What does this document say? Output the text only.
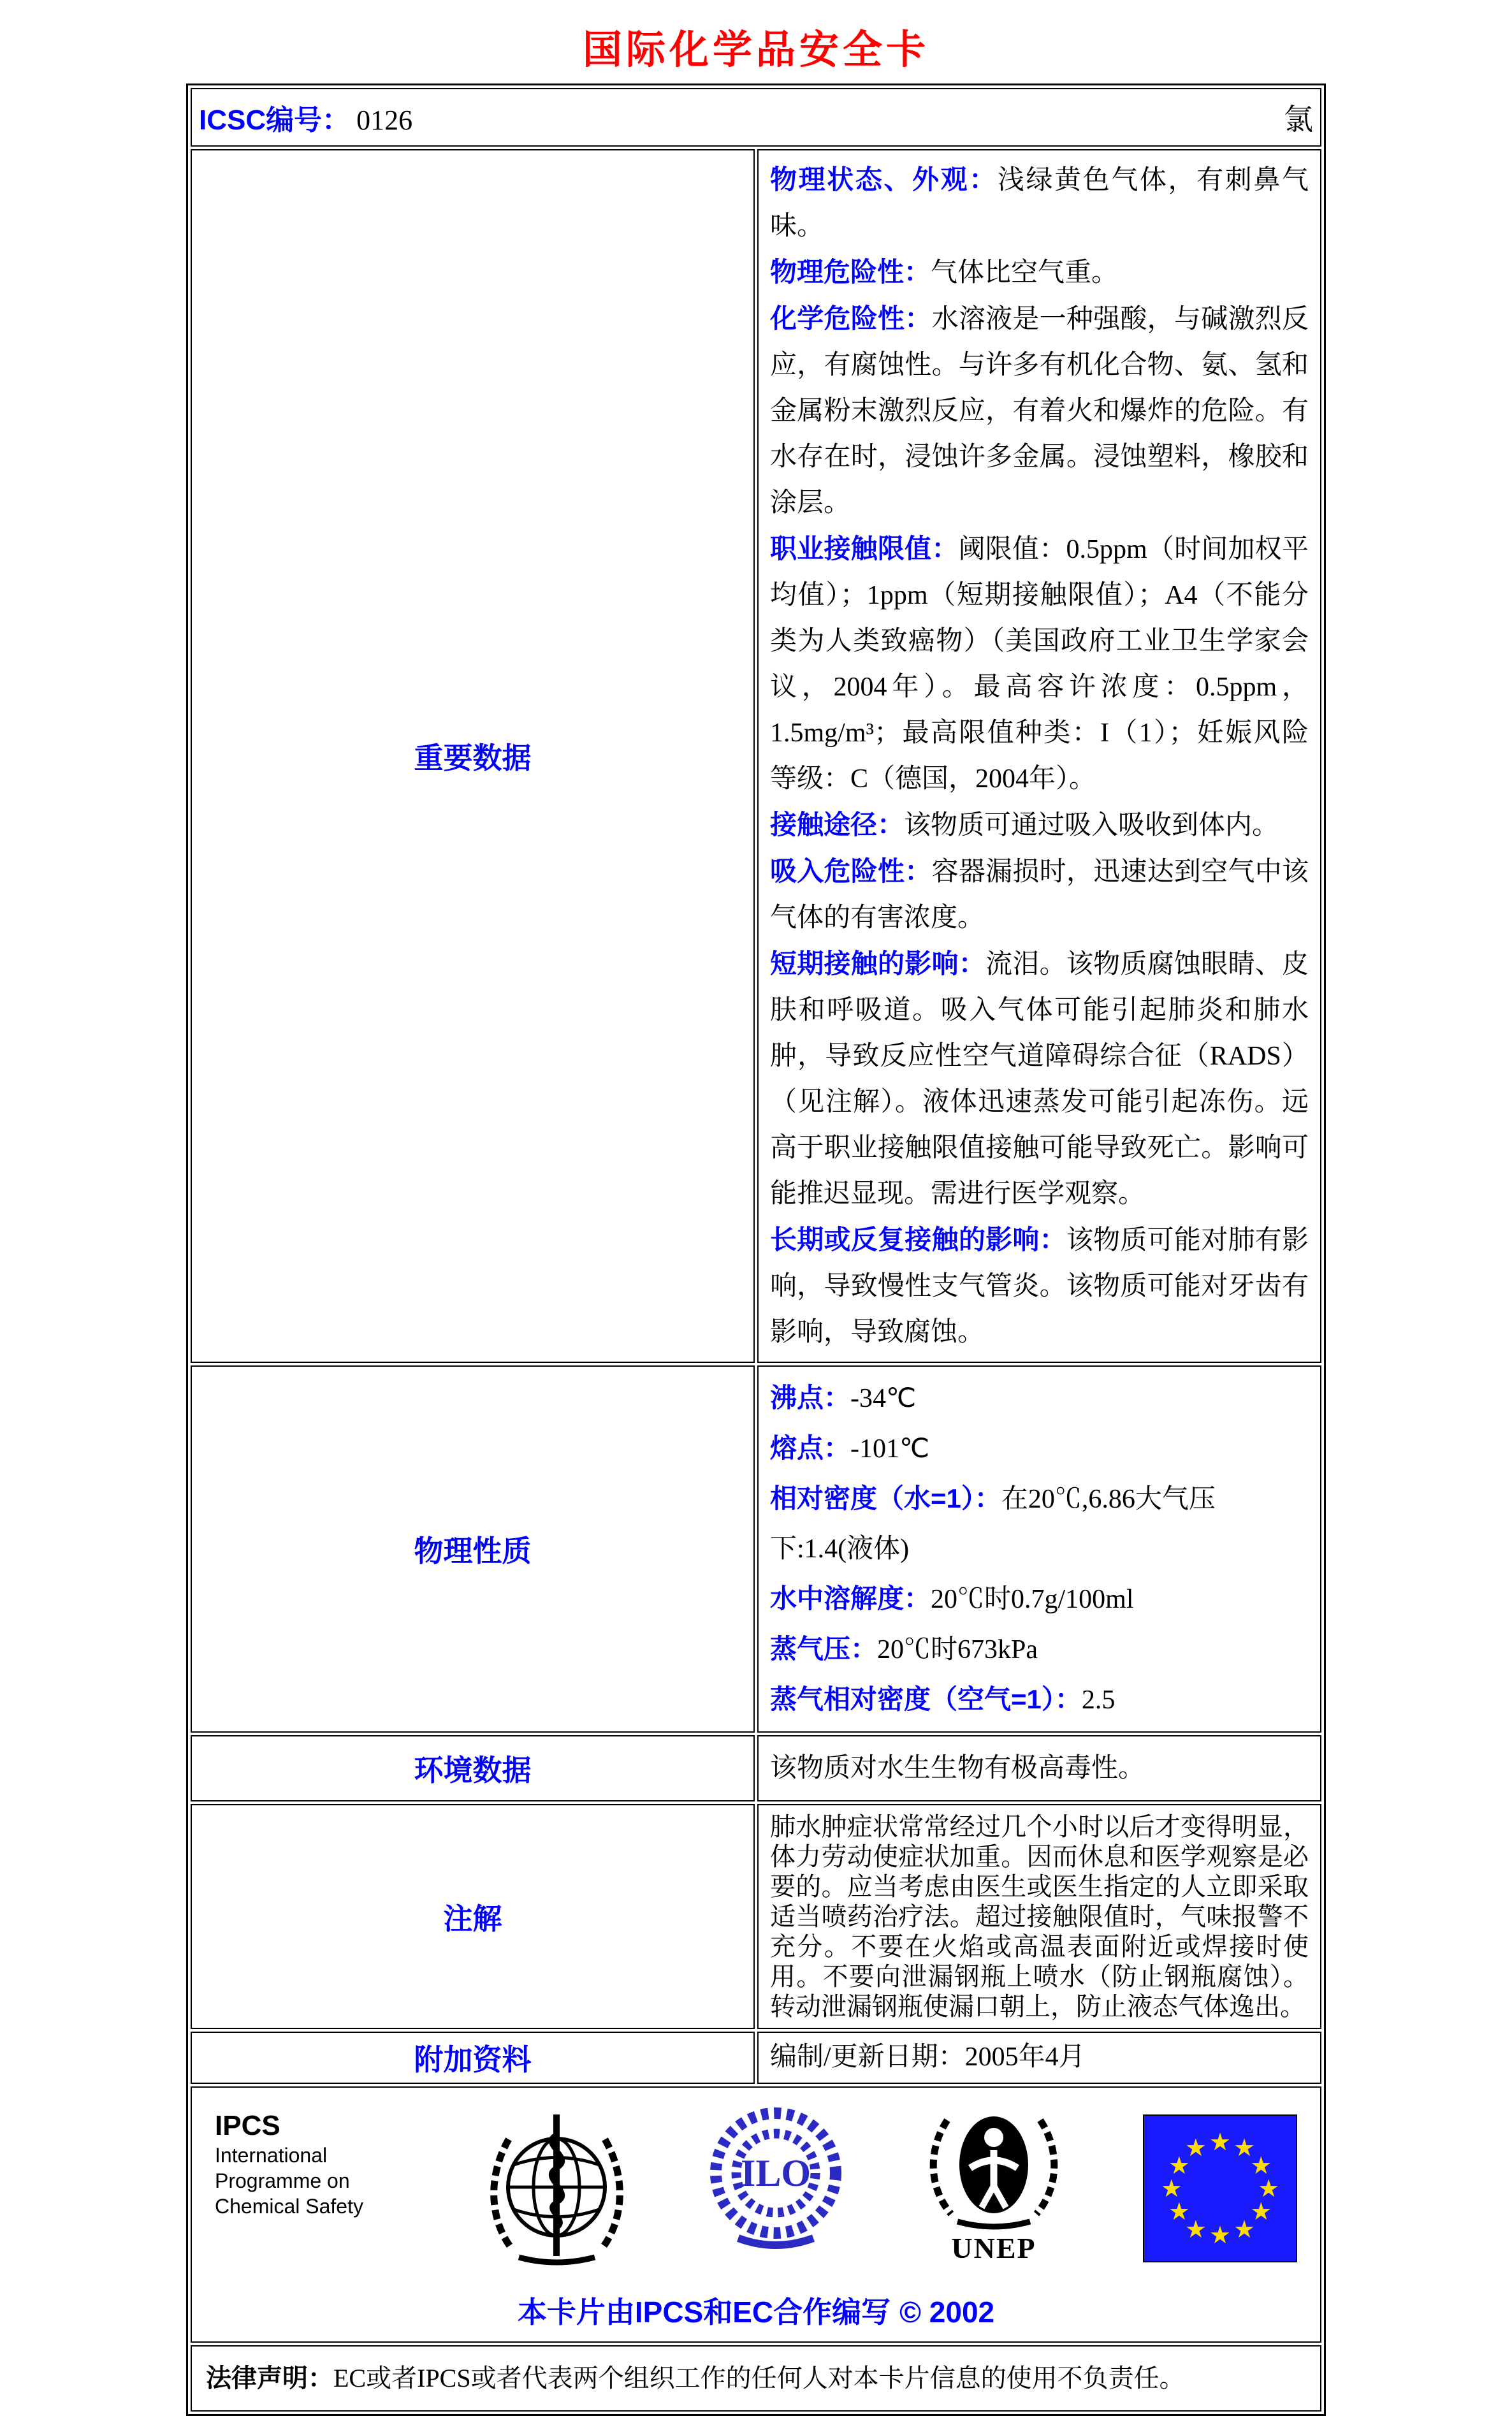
国际化学品安全卡
ICSC编号： 0126 氯	

重要数据	

物理状态、外观：浅绿黄色气体，有刺鼻气味。

物理危险性：气体比空气重。

化学危险性：水溶液是一种强酸，与碱激烈反应，有腐蚀性。与许多有机化合物、氨、氢和金属粉末激烈反应，有着火和爆炸的危险。有水存在时，浸蚀许多金属。浸蚀塑料，橡胶和涂层。

职业接触限值：阈限值：0.5ppm（时间加权平均值）；1ppm（短期接触限值）；A4（不能分类为人类致癌物）（美国政府工业卫生学家会议，2004年）。最高容许浓度：0.5ppm，1.5mg/m³；最高限值种类：I（1）；妊娠风险等级：C（德国，2004年）。

接触途径：该物质可通过吸入吸收到体内。

吸入危险性：容器漏损时，迅速达到空气中该气体的有害浓度。

短期接触的影响：流泪。该物质腐蚀眼睛、皮肤和呼吸道。吸入气体可能引起肺炎和肺水肿，导致反应性空气道障碍综合征（RADS）（见注解）。液体迅速蒸发可能引起冻伤。远高于职业接触限值接触可能导致死亡。影响可能推迟显现。需进行医学观察。

长期或反复接触的影响：该物质可能对肺有影响，导致慢性支气管炎。该物质可能对牙齿有影响，导致腐蚀。

物理性质	

沸点：-34℃

熔点：-101℃

相对密度（水=1）：在20℃,6.86大气压下:1.4(液体)

水中溶解度：20℃时0.7g/100ml

蒸气压：20℃时673kPa

蒸气相对密度（空气=1）：2.5

环境数据	该物质对水生生物有极高毒性。

注解	肺水肿症状常常经过几个小时以后才变得明显，体力劳动使症状加重。因而休息和医学观察是必要的。应当考虑由医生或医生指定的人立即采取适当喷药治疗法。超过接触限值时，气味报警不充分。不要在火焰或高温表面附近或焊接时使用。不要向泄漏钢瓶上喷水（防止钢瓶腐蚀）。转动泄漏钢瓶使漏口朝上，防止液态气体逸出。

附加资料	编制/更新日期：2005年4月

IPCS
International
Programme on
Chemical Safety
ILO
UNEP
★ ★
★
★
★
★
★
★
★
★
★
★
本卡片由IPCS和EC合作编写 © 2002

法律声明：EC或者IPCS或者代表两个组织工作的任何人对本卡片信息的使用不负责任。	
